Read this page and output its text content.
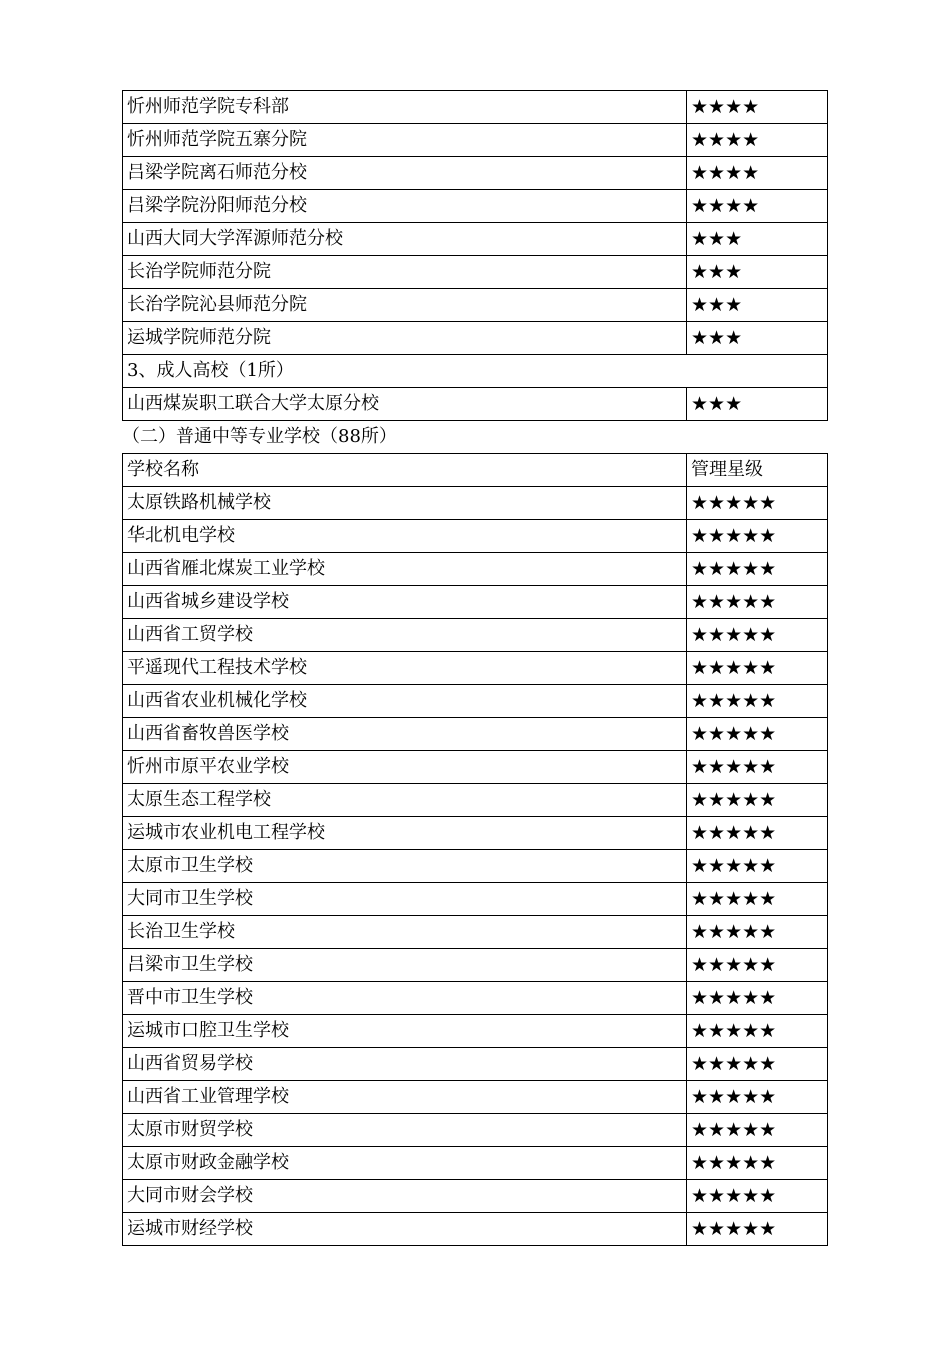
忻州师范学院专科部	★★★★
忻州师范学院五寨分院	★★★★
吕梁学院离石师范分校	★★★★
吕梁学院汾阳师范分校	★★★★
山西大同大学浑源师范分校	★★★
长治学院师范分院	★★★
长治学院沁县师范分院	★★★
运城学院师范分院	★★★
3、成人高校（1所）	
山西煤炭职工联合大学太原分校	★★★
（二）普通中等专业学校（88所）
学校名称	管理星级
太原铁路机械学校	★★★★★
华北机电学校	★★★★★
山西省雁北煤炭工业学校	★★★★★
山西省城乡建设学校	★★★★★
山西省工贸学校	★★★★★
平遥现代工程技术学校	★★★★★
山西省农业机械化学校	★★★★★
山西省畜牧兽医学校	★★★★★
忻州市原平农业学校	★★★★★
太原生态工程学校	★★★★★
运城市农业机电工程学校	★★★★★
太原市卫生学校	★★★★★
大同市卫生学校	★★★★★
长治卫生学校	★★★★★
吕梁市卫生学校	★★★★★
晋中市卫生学校	★★★★★
运城市口腔卫生学校	★★★★★
山西省贸易学校	★★★★★
山西省工业管理学校	★★★★★
太原市财贸学校	★★★★★
太原市财政金融学校	★★★★★
大同市财会学校	★★★★★
运城市财经学校	★★★★★
